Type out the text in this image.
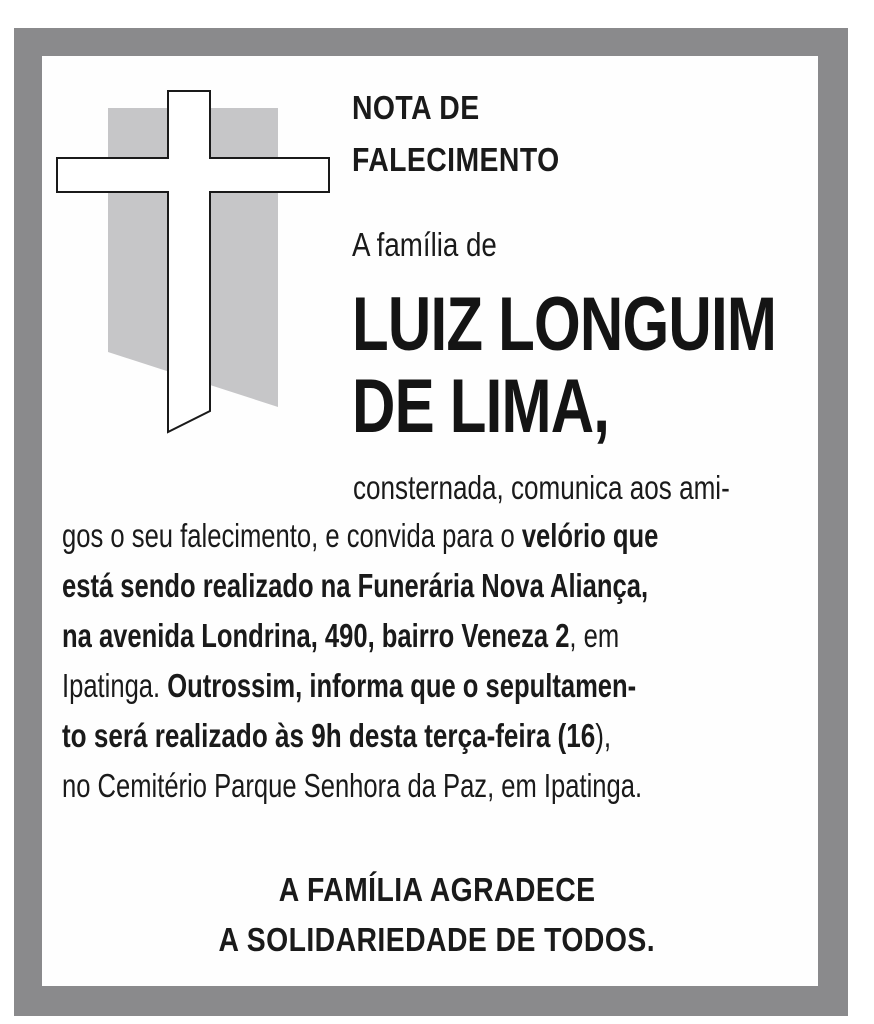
NOTA DE
FALECIMENTO

A família de

LUIZ LONGUIM
DE LIMA,

consternada, comunica aos ami-

gos o seu falecimento, e convida para o velório que

está sendo realizado na Funerária Nova Aliança,

na avenida Londrina, 490, bairro Veneza 2, em

Ipatinga. Outrossim, informa que o sepultamen-

to será realizado às 9h desta terça-feira (16),

no Cemitério Parque Senhora da Paz, em Ipatinga.

A FAMÍLIA AGRADECE

A SOLIDARIEDADE DE TODOS.
